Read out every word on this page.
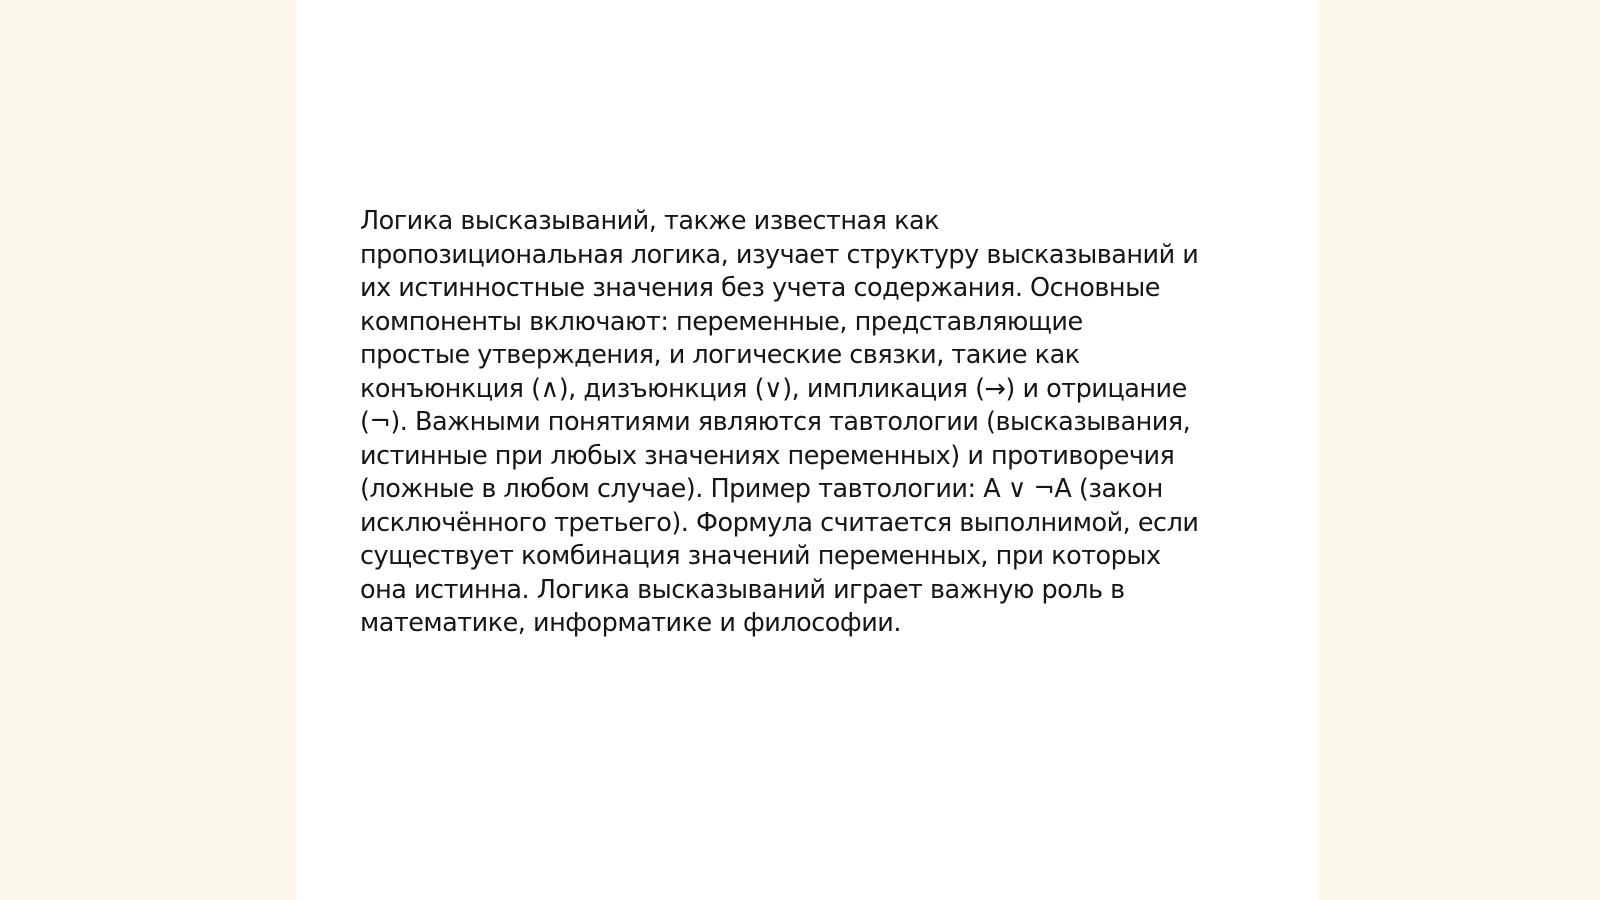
Логика высказываний, также известная как
пропозициональная логика, изучает структуру высказываний и
их истинностные значения без учета содержания. Основные
компоненты включают: переменные, представляющие
простые утверждения, и логические связки, такие как
конъюнкция (∧), дизъюнкция (∨), импликация (→) и отрицание
(¬). Важными понятиями являются тавтологии (высказывания,
истинные при любых значениях переменных) и противоречия
(ложные в любом случае). Пример тавтологии: A ∨ ¬A (закон
исключённого третьего). Формула считается выполнимой, если
существует комбинация значений переменных, при которых
она истинна. Логика высказываний играет важную роль в
математике, информатике и философии.
